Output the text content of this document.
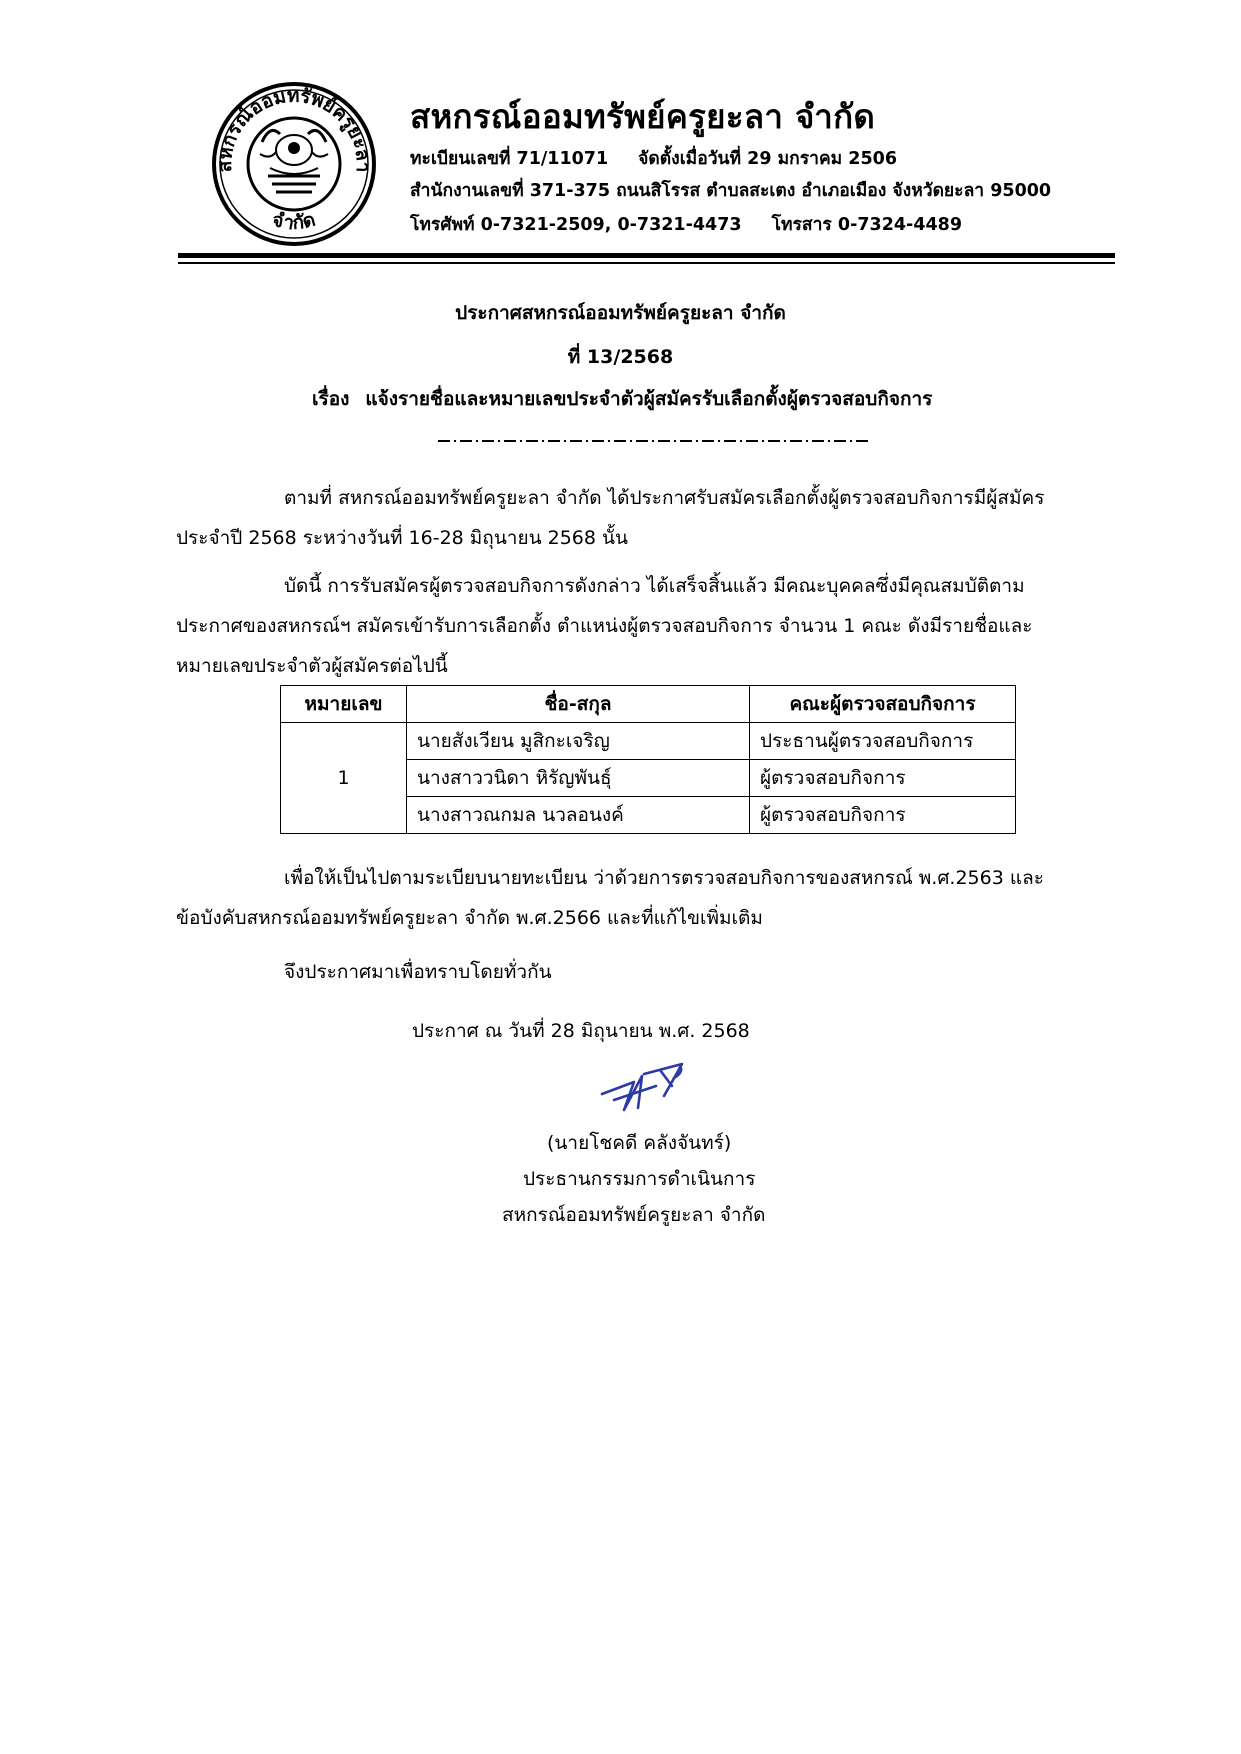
สหกรณ์ออมทรัพย์ครูยะลา
จำกัด
สหกรณ์ออมทรัพย์ครูยะลา จำกัด
ทะเบียนเลขที่ 71/11071 จัดตั้งเมื่อวันที่ 29 มกราคม 2506
สำนักงานเลขที่ 371-375 ถนนสิโรรส ตำบลสะเตง อำเภอเมือง จังหวัดยะลา 95000
โทรศัพท์ 0-7321-2509, 0-7321-4473 โทรสาร 0-7324-4489
ประกาศสหกรณ์ออมทรัพย์ครูยะลา จำกัด
ที่ 13/2568
เรื่อง แจ้งรายชื่อและหมายเลขประจำตัวผู้สมัครรับเลือกตั้งผู้ตรวจสอบกิจการ
ตามที่ สหกรณ์ออมทรัพย์ครูยะลา จำกัด ได้ประกาศรับสมัครเลือกตั้งผู้ตรวจสอบกิจการมีผู้สมัคร
ประจำปี 2568 ระหว่างวันที่ 16-28 มิถุนายน 2568 นั้น
บัดนี้ การรับสมัครผู้ตรวจสอบกิจการดังกล่าว ได้เสร็จสิ้นแล้ว มีคณะบุคคลซึ่งมีคุณสมบัติตาม
ประกาศของสหกรณ์ฯ สมัครเข้ารับการเลือกตั้ง ตำแหน่งผู้ตรวจสอบกิจการ จำนวน 1 คณะ ดังมีรายชื่อและ
หมายเลขประจำตัวผู้สมัครต่อไปนี้
หมายเลข	ชื่อ-สกุล	คณะผู้ตรวจสอบกิจการ
1	นายสังเวียน มูสิกะเจริญ	ประธานผู้ตรวจสอบกิจการ
	นางสาววนิดา หิรัญพันธุ์	ผู้ตรวจสอบกิจการ
	นางสาวณกมล นวลอนงค์	ผู้ตรวจสอบกิจการ
เพื่อให้เป็นไปตามระเบียบนายทะเบียน ว่าด้วยการตรวจสอบกิจการของสหกรณ์ พ.ศ.2563 และ
ข้อบังคับสหกรณ์ออมทรัพย์ครูยะลา จำกัด พ.ศ.2566 และที่แก้ไขเพิ่มเติม
จึงประกาศมาเพื่อทราบโดยทั่วกัน
ประกาศ ณ วันที่ 28 มิถุนายน พ.ศ. 2568
(นายโชคดี คลังจันทร์)
ประธานกรรมการดำเนินการ
สหกรณ์ออมทรัพย์ครูยะลา จำกัด
